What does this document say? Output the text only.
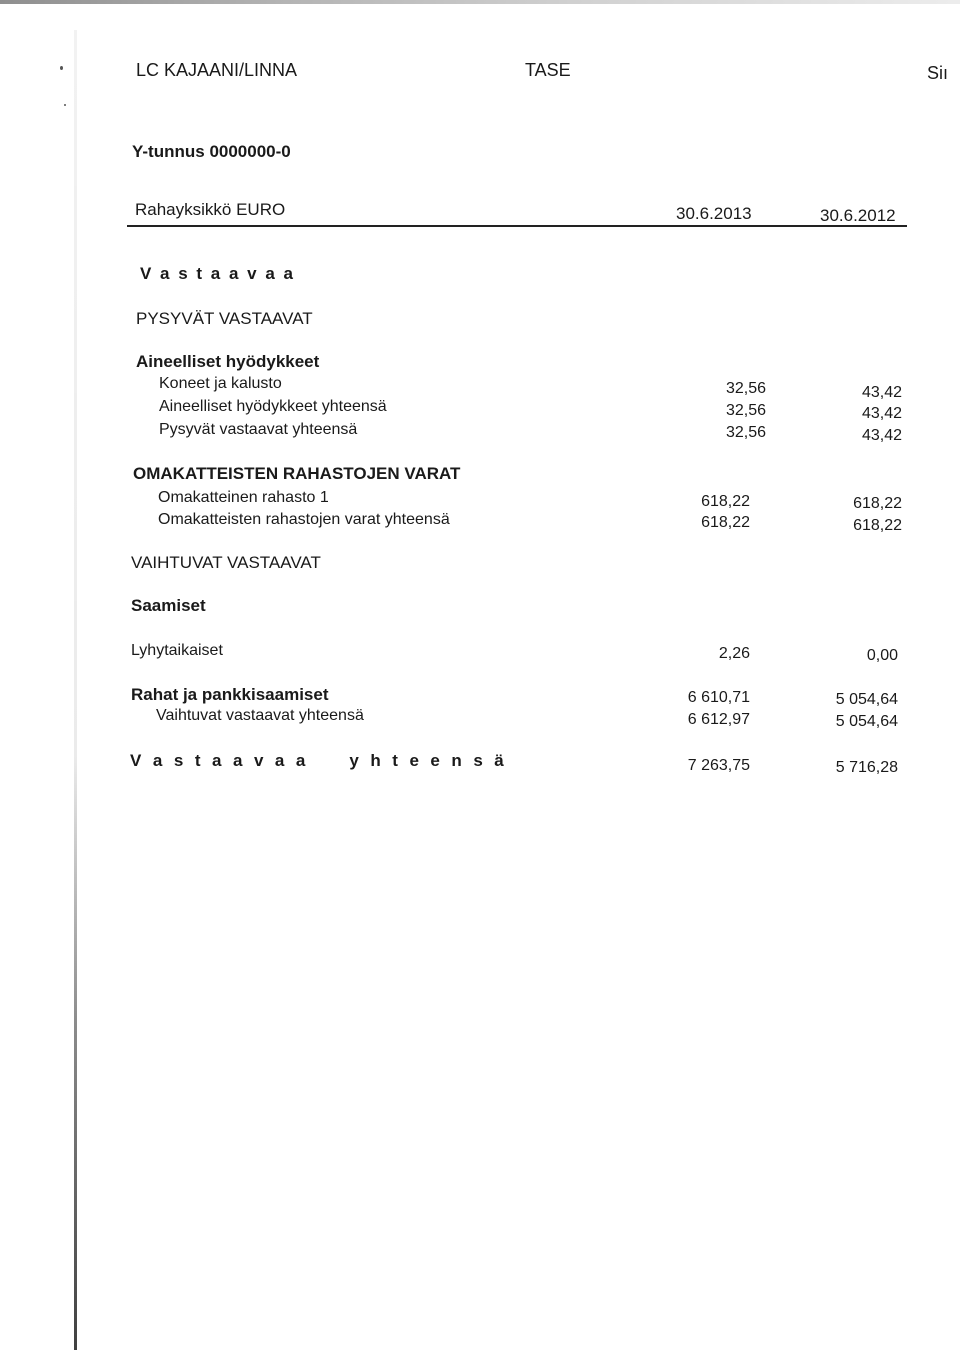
LC KAJAANI/LINNA	TASE	Siı
Y-tunnus 0000000-0
Rahayksikkö EURO	30.6.2013	30.6.2012
V a s t a a v a a
PYSYVÄT VASTAAVAT
Aineelliset hyödykkeet
Koneet ja kalusto	32,56	43,42
Aineelliset hyödykkeet yhteensä	32,56	43,42
Pysyvät vastaavat yhteensä	32,56	43,42
OMAKATTEISTEN RAHASTOJEN VARAT
Omakatteinen rahasto 1	618,22	618,22
Omakatteisten rahastojen varat yhteensä	618,22	618,22
VAIHTUVAT VASTAAVAT
Saamiset
Lyhytaikaiset	2,26	0,00
Rahat ja pankkisaamiset	6 610,71	5 054,64
Vaihtuvat vastaavat yhteensä	6 612,97	5 054,64
V a s t a a v a a     y h t e e n s ä	7 263,75	5 716,28
